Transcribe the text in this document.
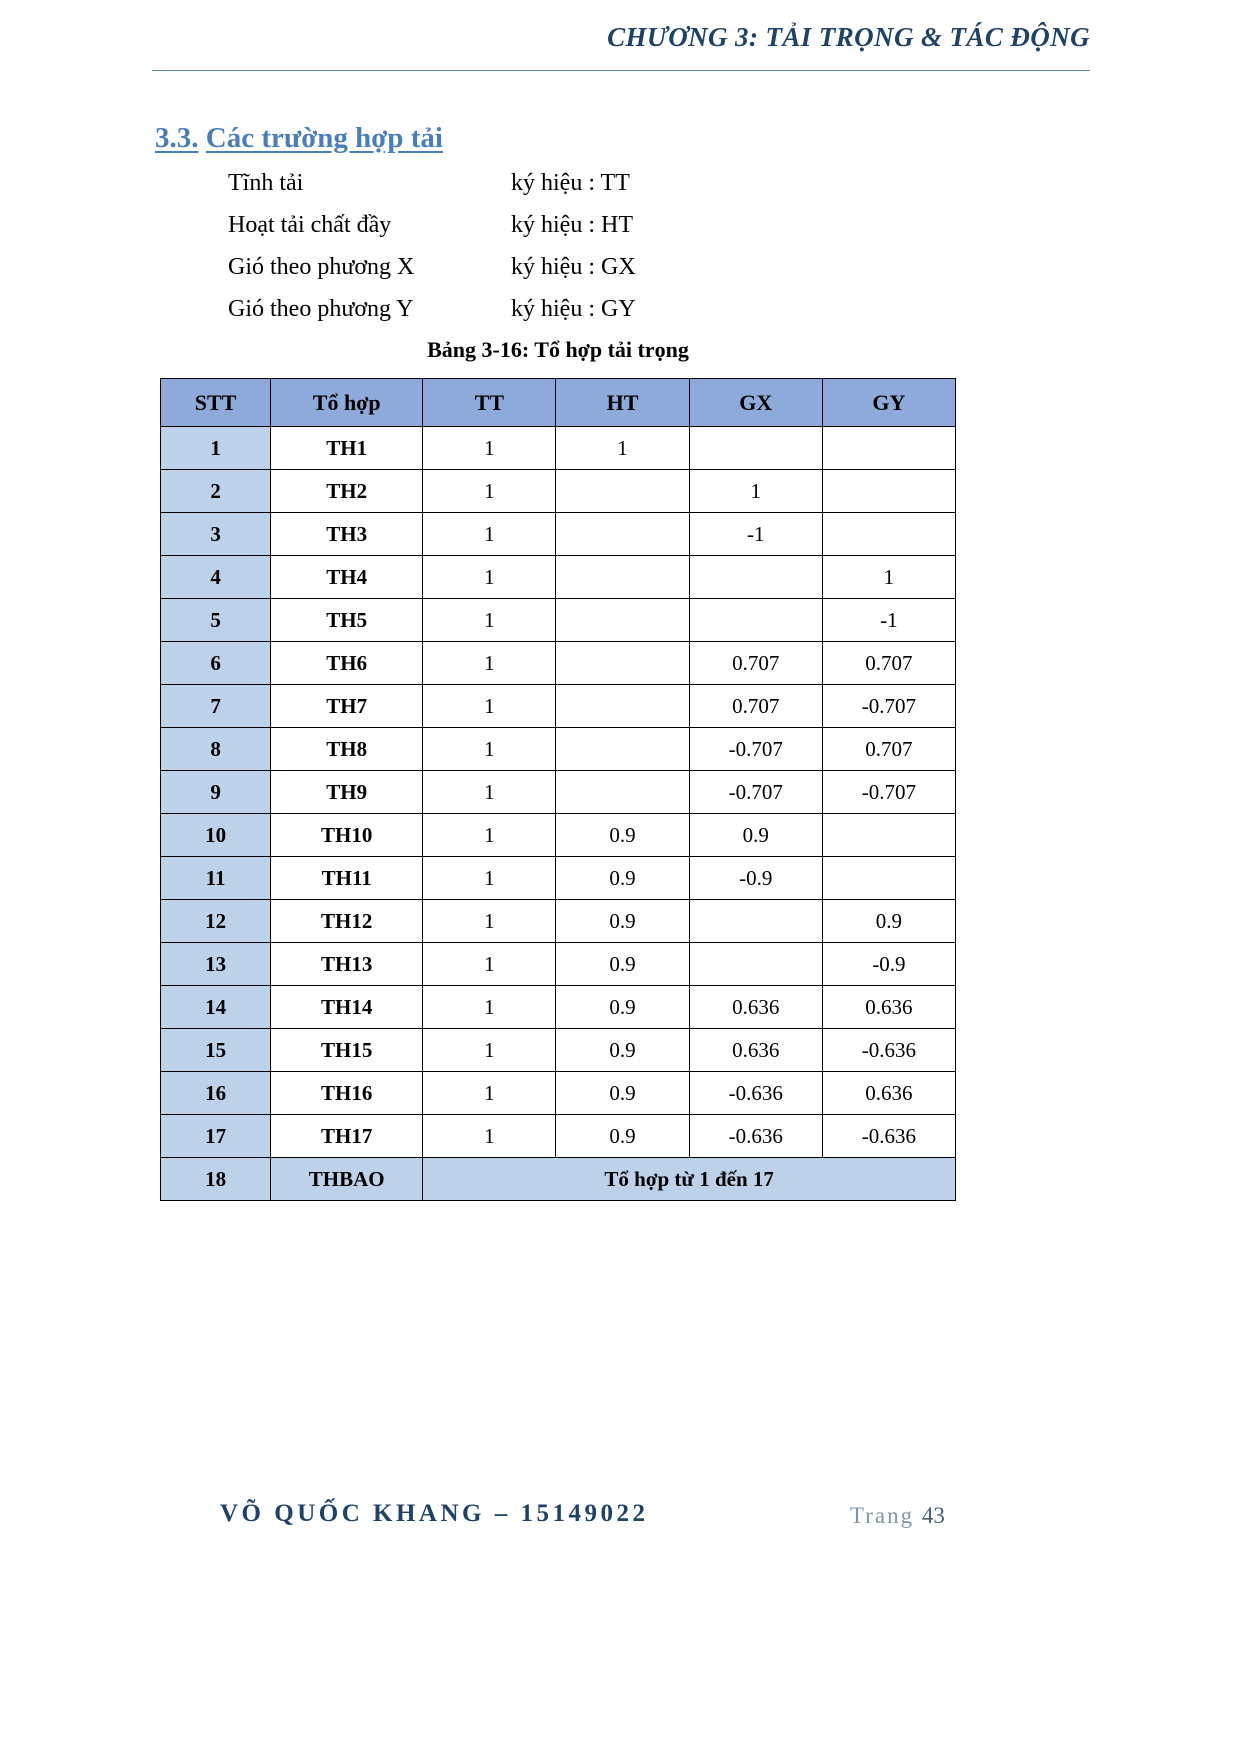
CHƯƠNG 3: TẢI TRỌNG & TÁC ĐỘNG
3.3. Các trường hợp tải
Tĩnh tải	ký hiệu : TT
Hoạt tải chất đầy	ký hiệu : HT
Gió theo phương X	ký hiệu : GX
Gió theo phương Y	ký hiệu : GY
Bảng 3-16: Tổ hợp tải trọng
STT	Tổ hợp	TT	HT	GX	GY
1	TH1	1	1		
2	TH2	1		1	
3	TH3	1		-1	
4	TH4	1			1
5	TH5	1			-1
6	TH6	1		0.707	0.707
7	TH7	1		0.707	-0.707
8	TH8	1		-0.707	0.707
9	TH9	1		-0.707	-0.707
10	TH10	1	0.9	0.9	
11	TH11	1	0.9	-0.9	
12	TH12	1	0.9		0.9
13	TH13	1	0.9		-0.9
14	TH14	1	0.9	0.636	0.636
15	TH15	1	0.9	0.636	-0.636
16	TH16	1	0.9	-0.636	0.636
17	TH17	1	0.9	-0.636	-0.636
18	THBAO	Tổ hợp từ 1 đến 17			
VÕ QUỐC KHANG – 15149022	Trang 43
